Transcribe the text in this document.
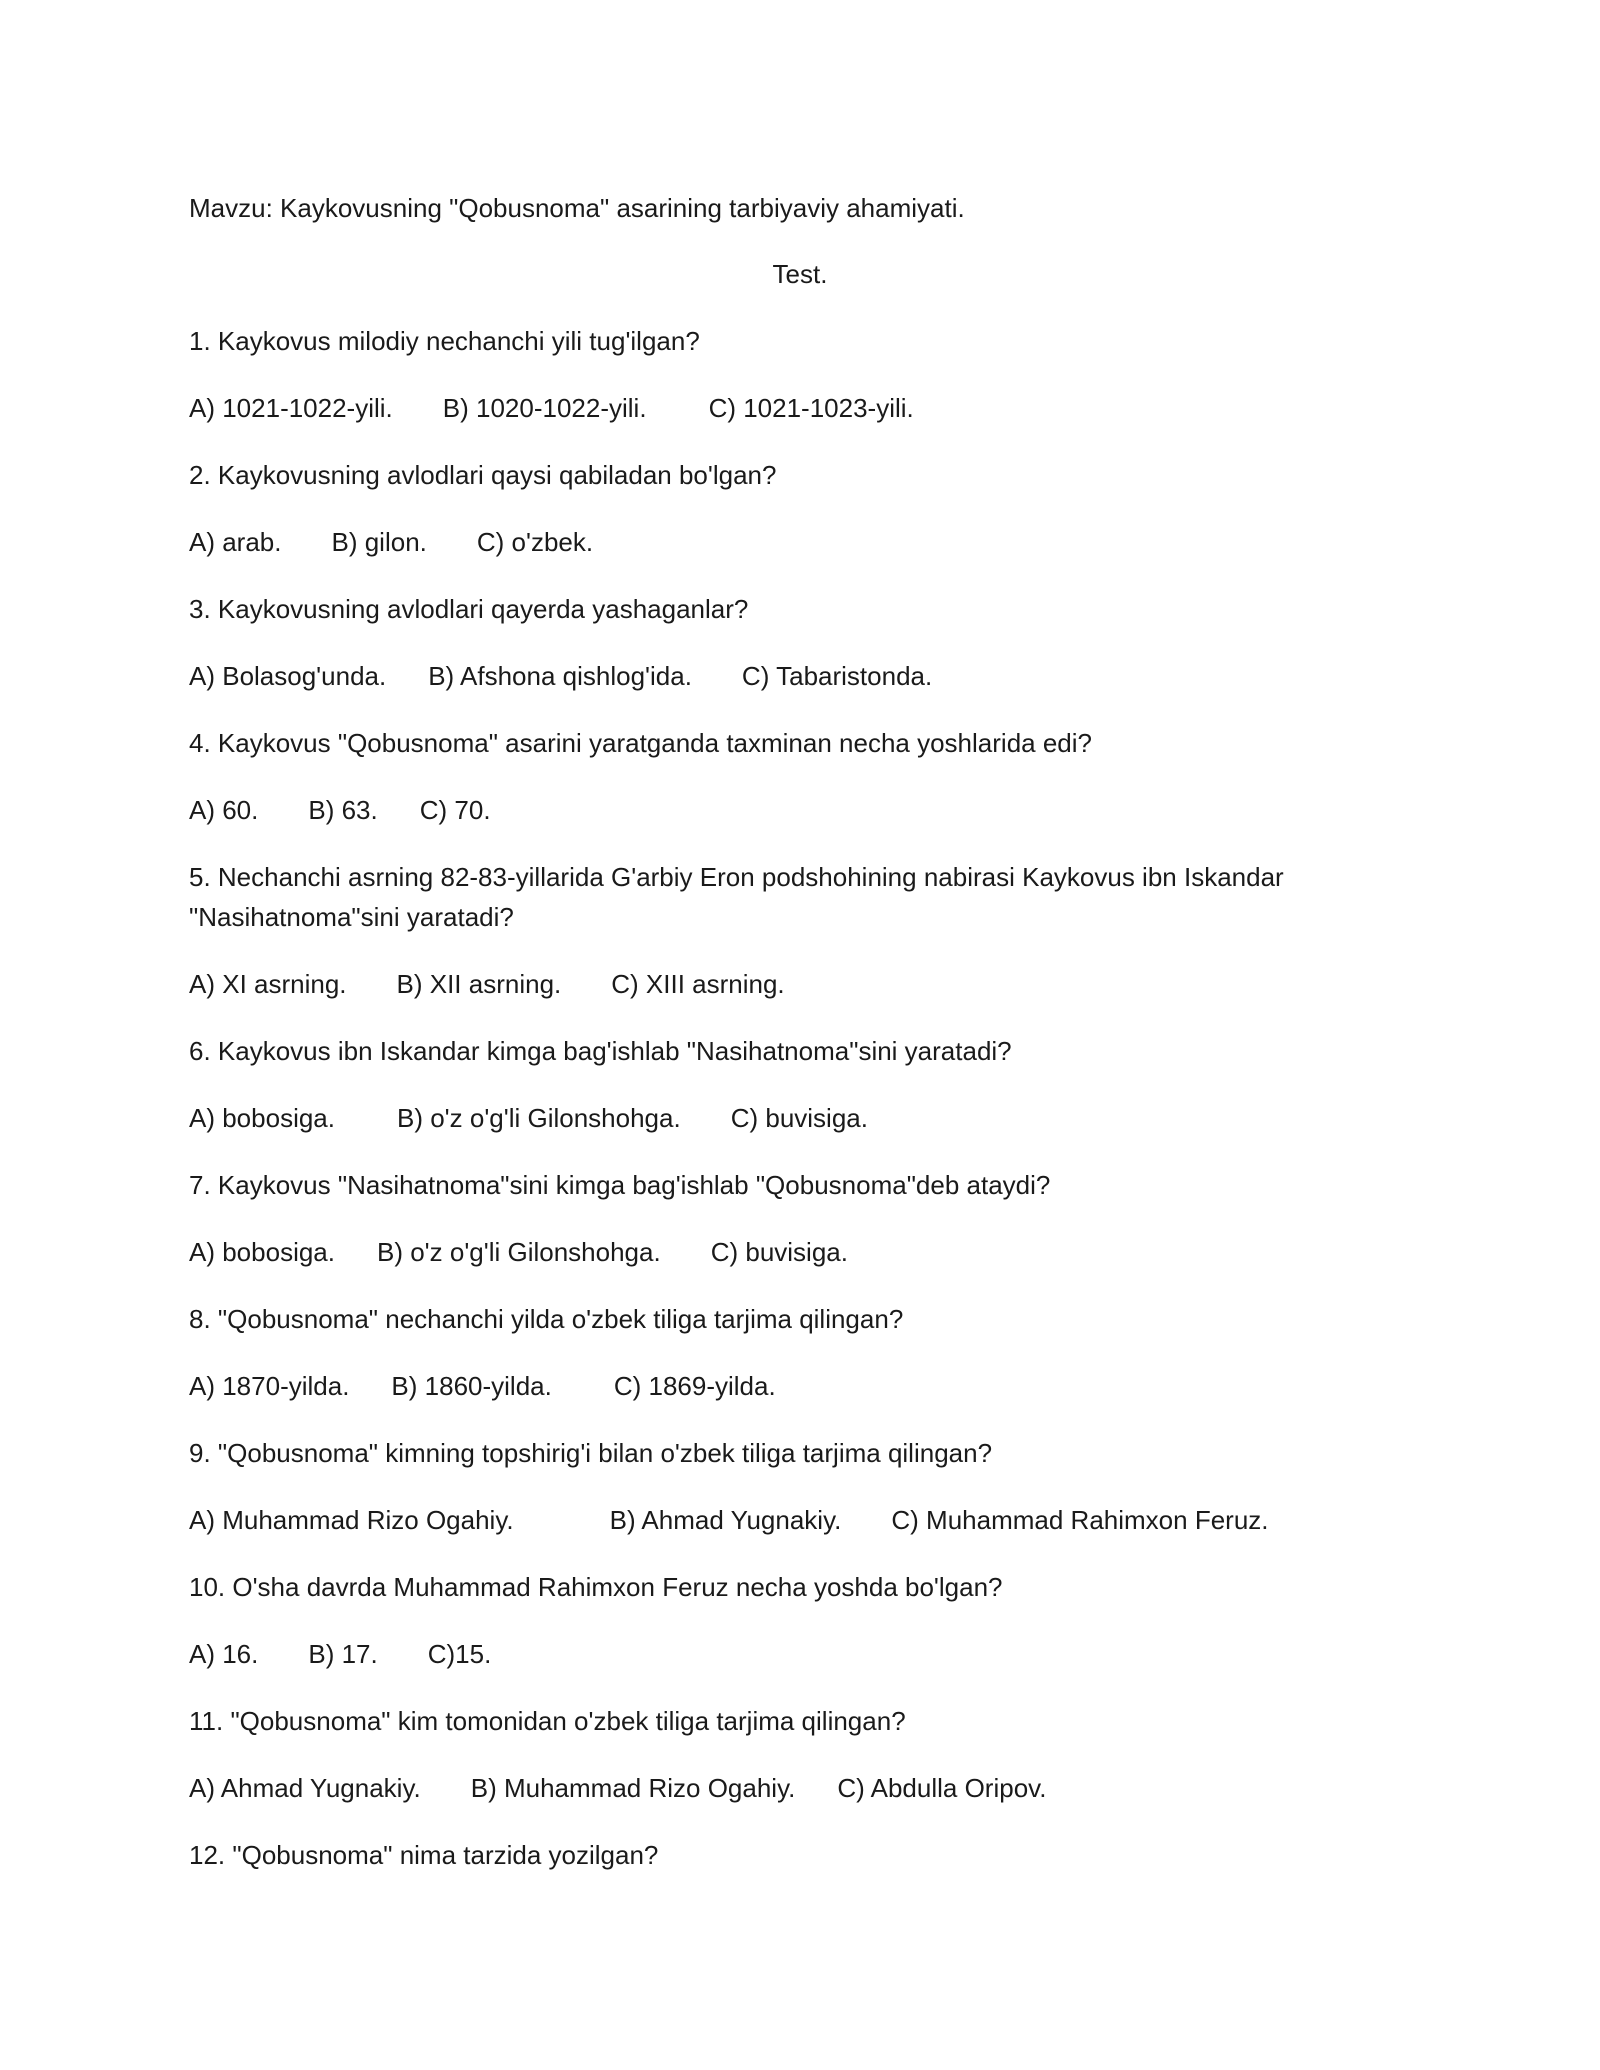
Mavzu: Kaykovusning "Qobusnoma" asarining tarbiyaviy ahamiyati.
Test.
1. Kaykovus milodiy nechanchi yili tug'ilgan?
A) 1021-1022-yili. B) 1020-1022-yili. C) 1021-1023-yili.
2. Kaykovusning avlodlari qaysi qabiladan bo'lgan?
A) arab. B) gilon. C) o'zbek.
3. Kaykovusning avlodlari qayerda yashaganlar?
A) Bolasog'unda. B) Afshona qishlog'ida. C) Tabaristonda.
4. Kaykovus "Qobusnoma" asarini yaratganda taxminan necha yoshlarida edi?
A) 60. B) 63. C) 70.
5. Nechanchi asrning 82-83-yillarida G'arbiy Eron podshohining nabirasi Kaykovus ibn Iskandar "Nasihatnoma"sini yaratadi?
A) XI asrning. B) XII asrning. C) XIII asrning.
6. Kaykovus ibn Iskandar kimga bag'ishlab "Nasihatnoma"sini yaratadi?
A) bobosiga. B) o'z o'g'li Gilonshohga. C) buvisiga.
7. Kaykovus "Nasihatnoma"sini kimga bag'ishlab "Qobusnoma"deb ataydi?
A) bobosiga. B) o'z o'g'li Gilonshohga. C) buvisiga.
8. "Qobusnoma" nechanchi yilda o'zbek tiliga tarjima qilingan?
A) 1870-yilda. B) 1860-yilda. C) 1869-yilda.
9. "Qobusnoma" kimning topshirig'i bilan o'zbek tiliga tarjima qilingan?
A) Muhammad Rizo Ogahiy.	B) Ahmad Yugnakiy. C) Muhammad Rahimxon Feruz.
10. O'sha davrda Muhammad Rahimxon Feruz necha yoshda bo'lgan?
A) 16. B) 17. C)15.
11. "Qobusnoma" kim tomonidan o'zbek tiliga tarjima qilingan?
A) Ahmad Yugnakiy. B) Muhammad Rizo Ogahiy. C) Abdulla Oripov.
12. "Qobusnoma" nima tarzida yozilgan?
